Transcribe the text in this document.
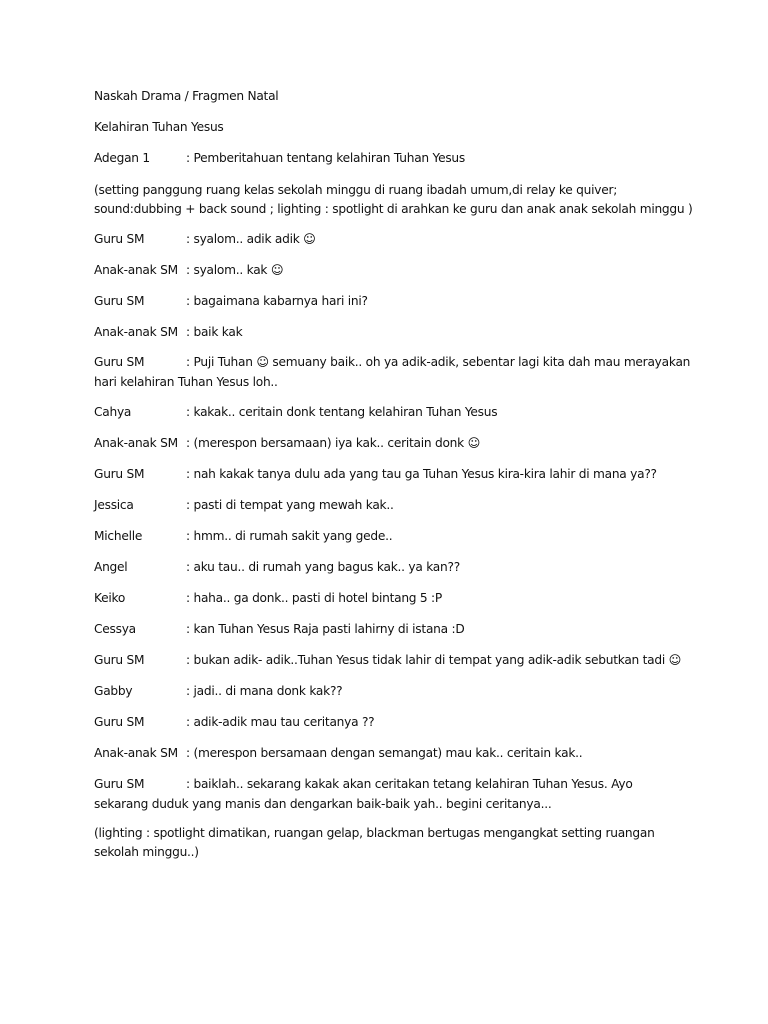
Naskah Drama / Fragmen Natal
Kelahiran Tuhan Yesus
Adegan 1	: Pemberitahuan tentang kelahiran Tuhan Yesus
(setting panggung ruang kelas sekolah minggu di ruang ibadah umum,di relay ke quiver;
sound:dubbing + back sound ; lighting : spotlight di arahkan ke guru dan anak anak sekolah minggu )
Guru SM	: syalom.. adik adik ☺
Anak-anak SM : syalom.. kak ☺
Guru SM	: bagaimana kabarnya hari ini?
Anak-anak SM : baik kak
Guru SM	: Puji Tuhan ☺ semuany baik.. oh ya adik-adik, sebentar lagi kita dah mau merayakan
hari kelahiran Tuhan Yesus loh..
Cahya	: kakak.. ceritain donk tentang kelahiran Tuhan Yesus
Anak-anak SM : (merespon bersamaan) iya kak.. ceritain donk ☺
Guru SM	: nah kakak tanya dulu ada yang tau ga Tuhan Yesus kira-kira lahir di mana ya??
Jessica	: pasti di tempat yang mewah kak..
Michelle	: hmm.. di rumah sakit yang gede..
Angel	: aku tau.. di rumah yang bagus kak.. ya kan??
Keiko	: haha.. ga donk.. pasti di hotel bintang 5 :P
Cessya	: kan Tuhan Yesus Raja pasti lahirny di istana :D
Guru SM	: bukan adik- adik..Tuhan Yesus tidak lahir di tempat yang adik-adik sebutkan tadi ☺
Gabby	: jadi.. di mana donk kak??
Guru SM	: adik-adik mau tau ceritanya ??
Anak-anak SM : (merespon bersamaan dengan semangat) mau kak.. ceritain kak..
Guru SM	: baiklah.. sekarang kakak akan ceritakan tetang kelahiran Tuhan Yesus. Ayo
sekarang duduk yang manis dan dengarkan baik-baik yah.. begini ceritanya...
(lighting : spotlight dimatikan, ruangan gelap, blackman bertugas mengangkat setting ruangan
sekolah minggu..)
